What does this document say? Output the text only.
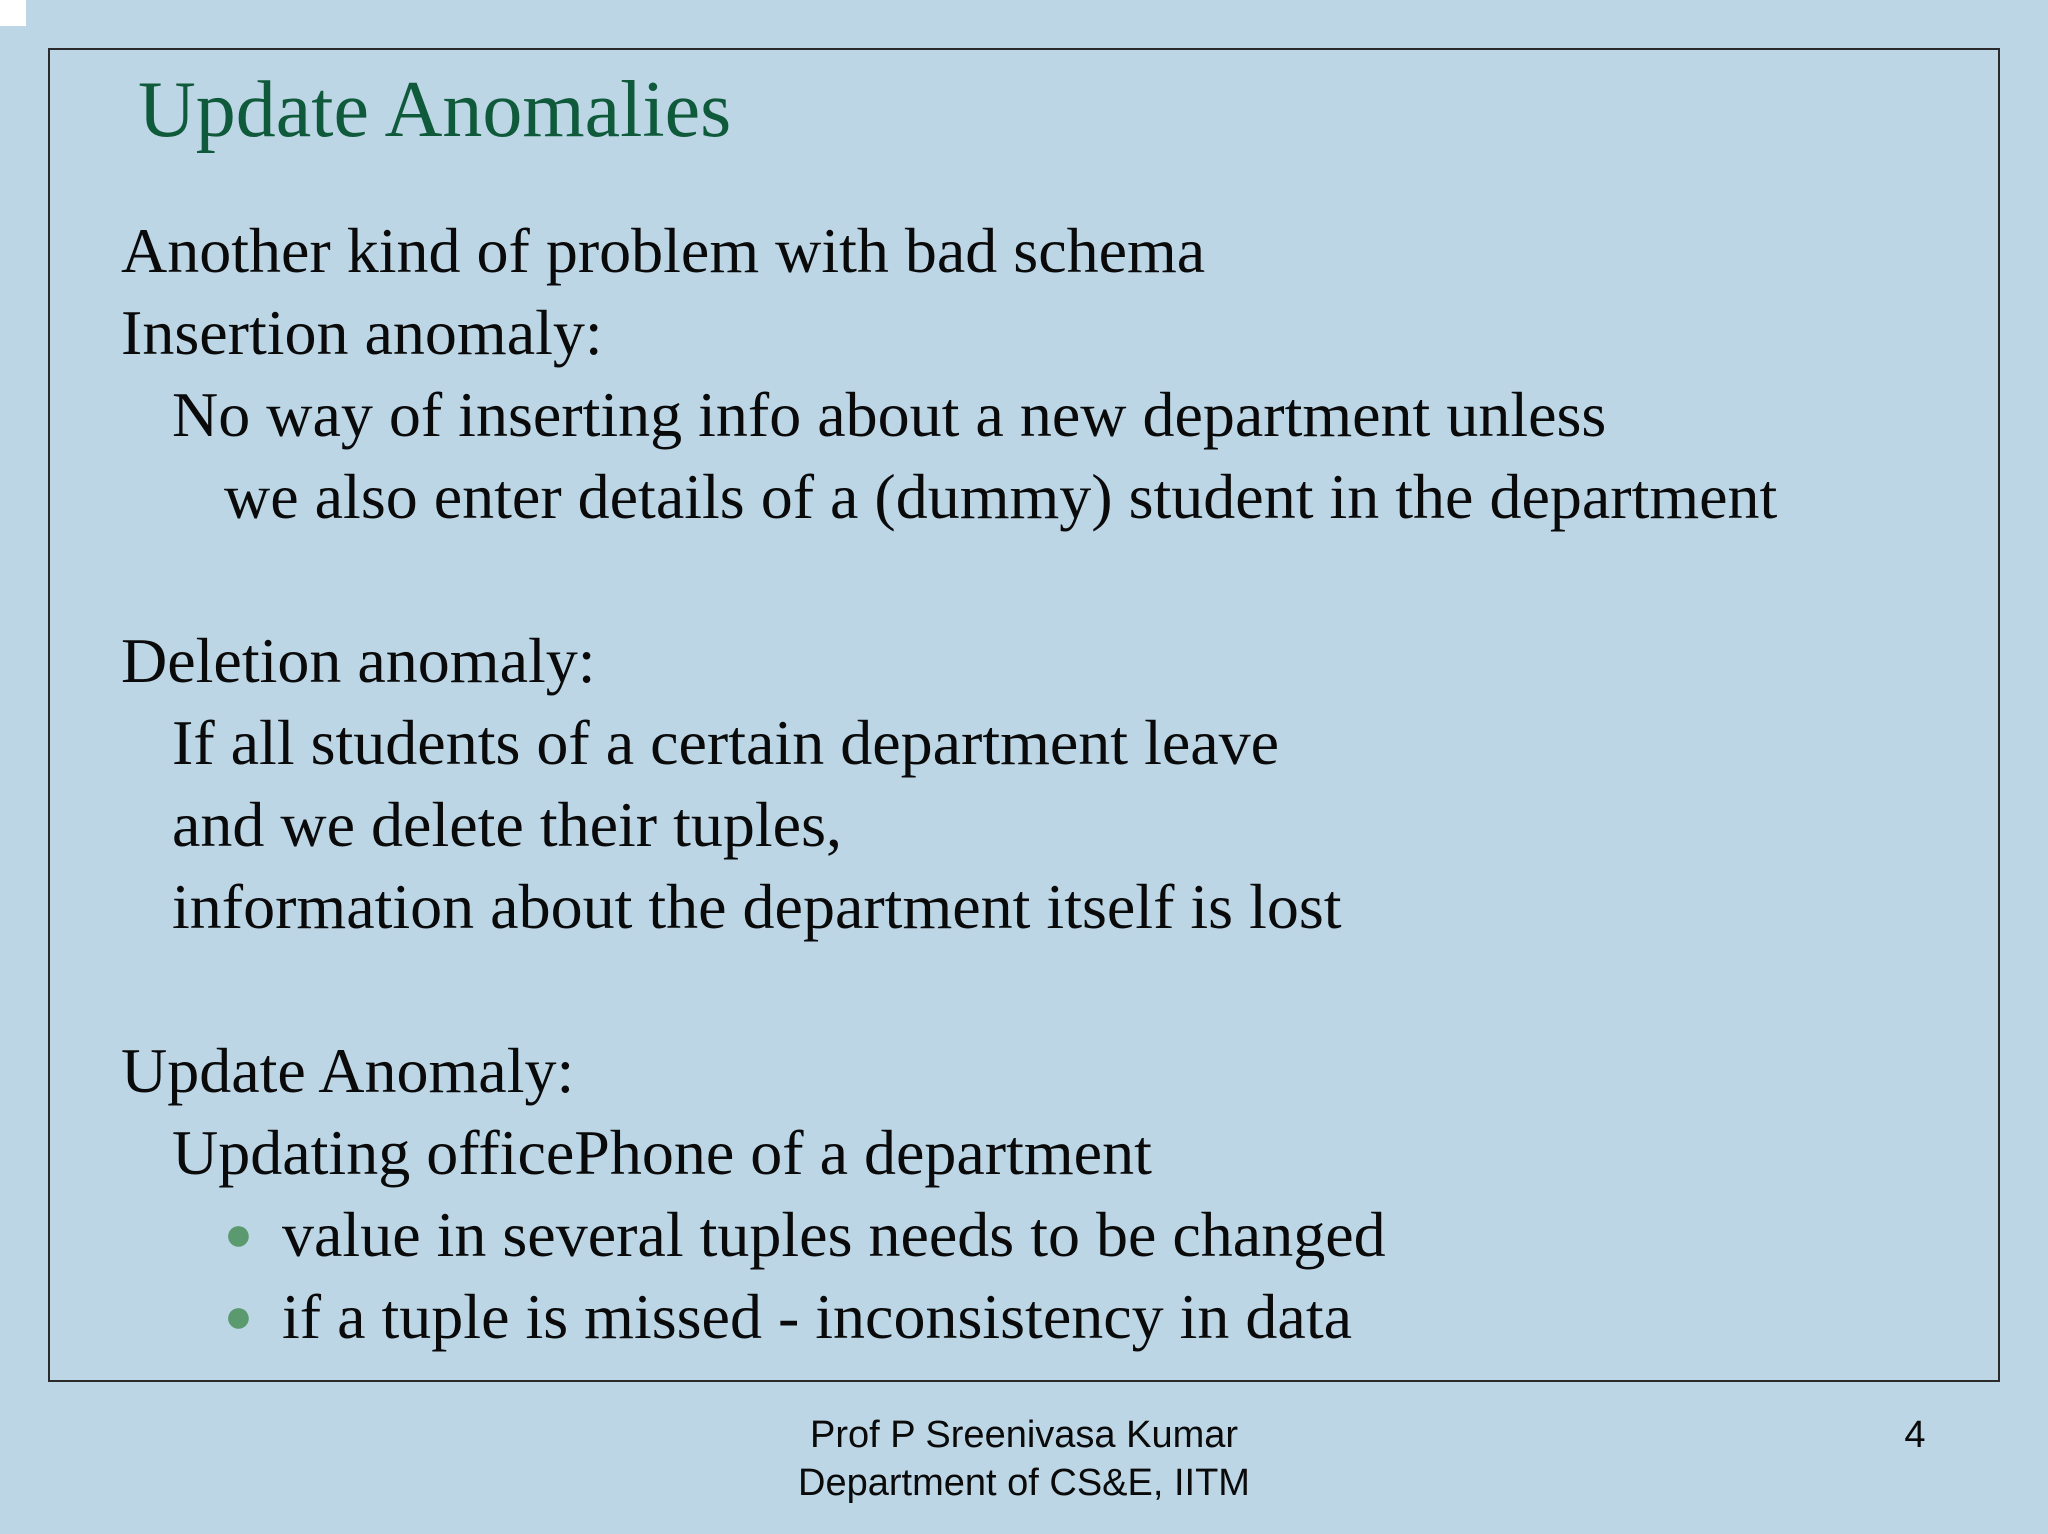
Update Anomalies

Another kind of problem with bad schema

Insertion anomaly:

No way of inserting info about a new department unless

we also enter details of a (dummy) student in the department

Deletion anomaly:

If all students of a certain department leave

and we delete their tuples,

information about the department itself is lost

Update Anomaly:

Updating officePhone of a department

● value in several tuples needs to be changed

● if a tuple is missed - inconsistency in data

Prof P Sreenivasa Kumar

Department of CS&E, IITM

4
